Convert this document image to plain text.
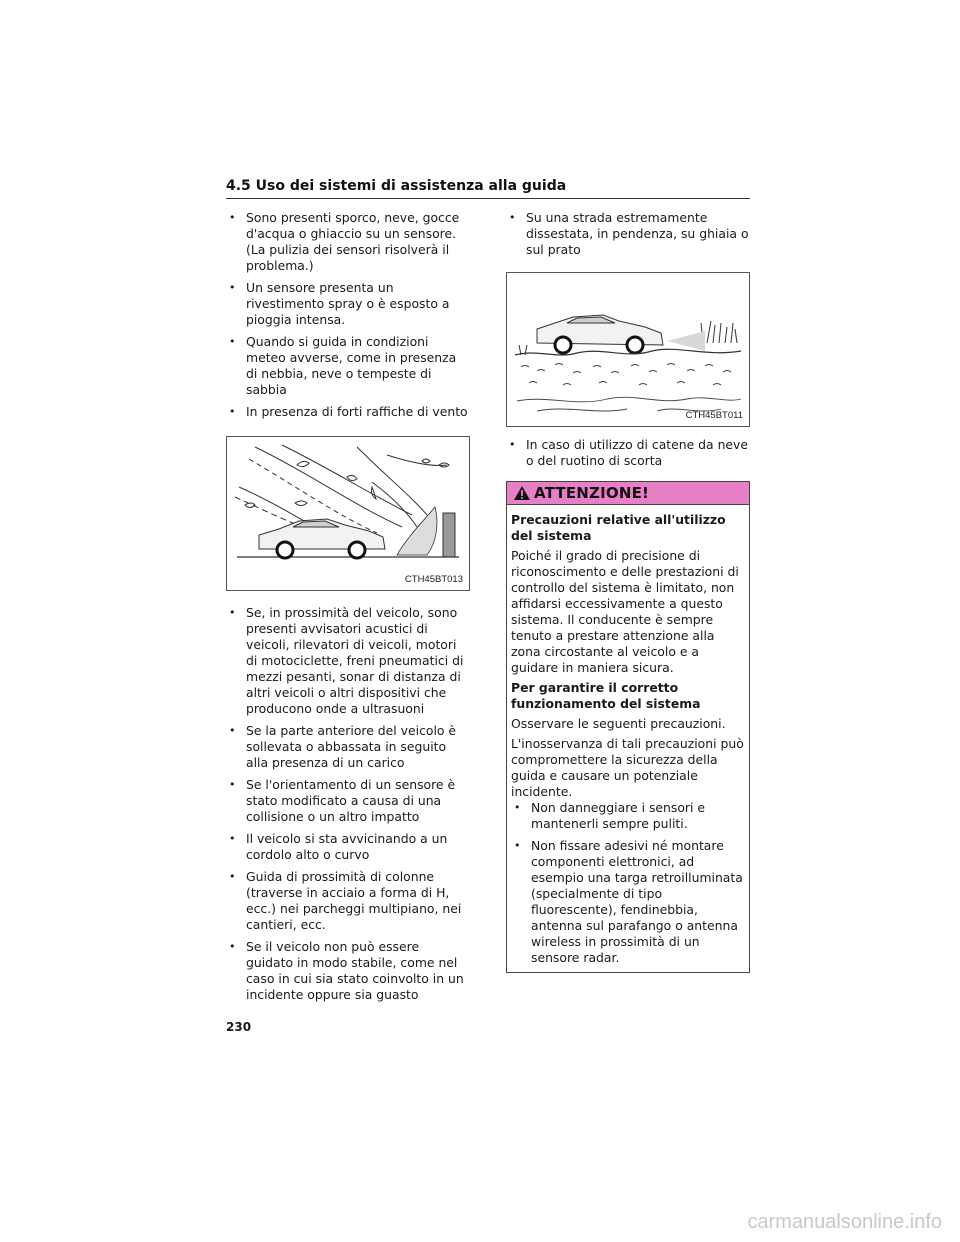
4.5 Uso dei sistemi di assistenza alla guida
• Sono presenti sporco, neve, gocce d'acqua o ghiaccio su un sensore. (La pulizia dei sensori risolverà il problema.)
• Un sensore presenta un rivestimento spray o è esposto a pioggia intensa.
• Quando si guida in condizioni meteo avverse, come in presenza di nebbia, neve o tempeste di sabbia
• In presenza di forti raffiche di vento
CTH45BT013
• Se, in prossimità del veicolo, sono presenti avvisatori acustici di veicoli, rilevatori di veicoli, motori di motociclette, freni pneumatici di mezzi pesanti, sonar di distanza di altri veicoli o altri dispositivi che producono onde a ultrasuoni
• Se la parte anteriore del veicolo è sollevata o abbassata in seguito alla presenza di un carico
• Se l'orientamento di un sensore è stato modificato a causa di una collisione o un altro impatto
• Il veicolo si sta avvicinando a un cordolo alto o curvo
• Guida di prossimità di colonne (traverse in acciaio a forma di H, ecc.) nei parcheggi multipiano, nei cantieri, ecc.
• Se il veicolo non può essere guidato in modo stabile, come nel caso in cui sia stato coinvolto in un incidente oppure sia guasto
• Su una strada estremamente dissestata, in pendenza, su ghiaia o sul prato
CTH45BT011
• In caso di utilizzo di catene da neve o del ruotino di scorta
ATTENZIONE!

Precauzioni relative all'utilizzo del sistema

Poiché il grado di precisione di riconoscimento e delle prestazioni di controllo del sistema è limitato, non affidarsi eccessivamente a questo sistema. Il conducente è sempre tenuto a prestare attenzione alla zona circostante al veicolo e a guidare in maniera sicura.

Per garantire il corretto funzionamento del sistema

Osservare le seguenti precauzioni.

L'inosservanza di tali precauzioni può compromettere la sicurezza della guida e causare un potenziale incidente.

• Non danneggiare i sensori e mantenerli sempre puliti.
• Non fissare adesivi né montare componenti elettronici, ad esempio una targa retroilluminata (specialmente di tipo fluorescente), fendinebbia, antenna sul parafango o antenna wireless in prossimità di un sensore radar.
230
carmanualsonline.info
